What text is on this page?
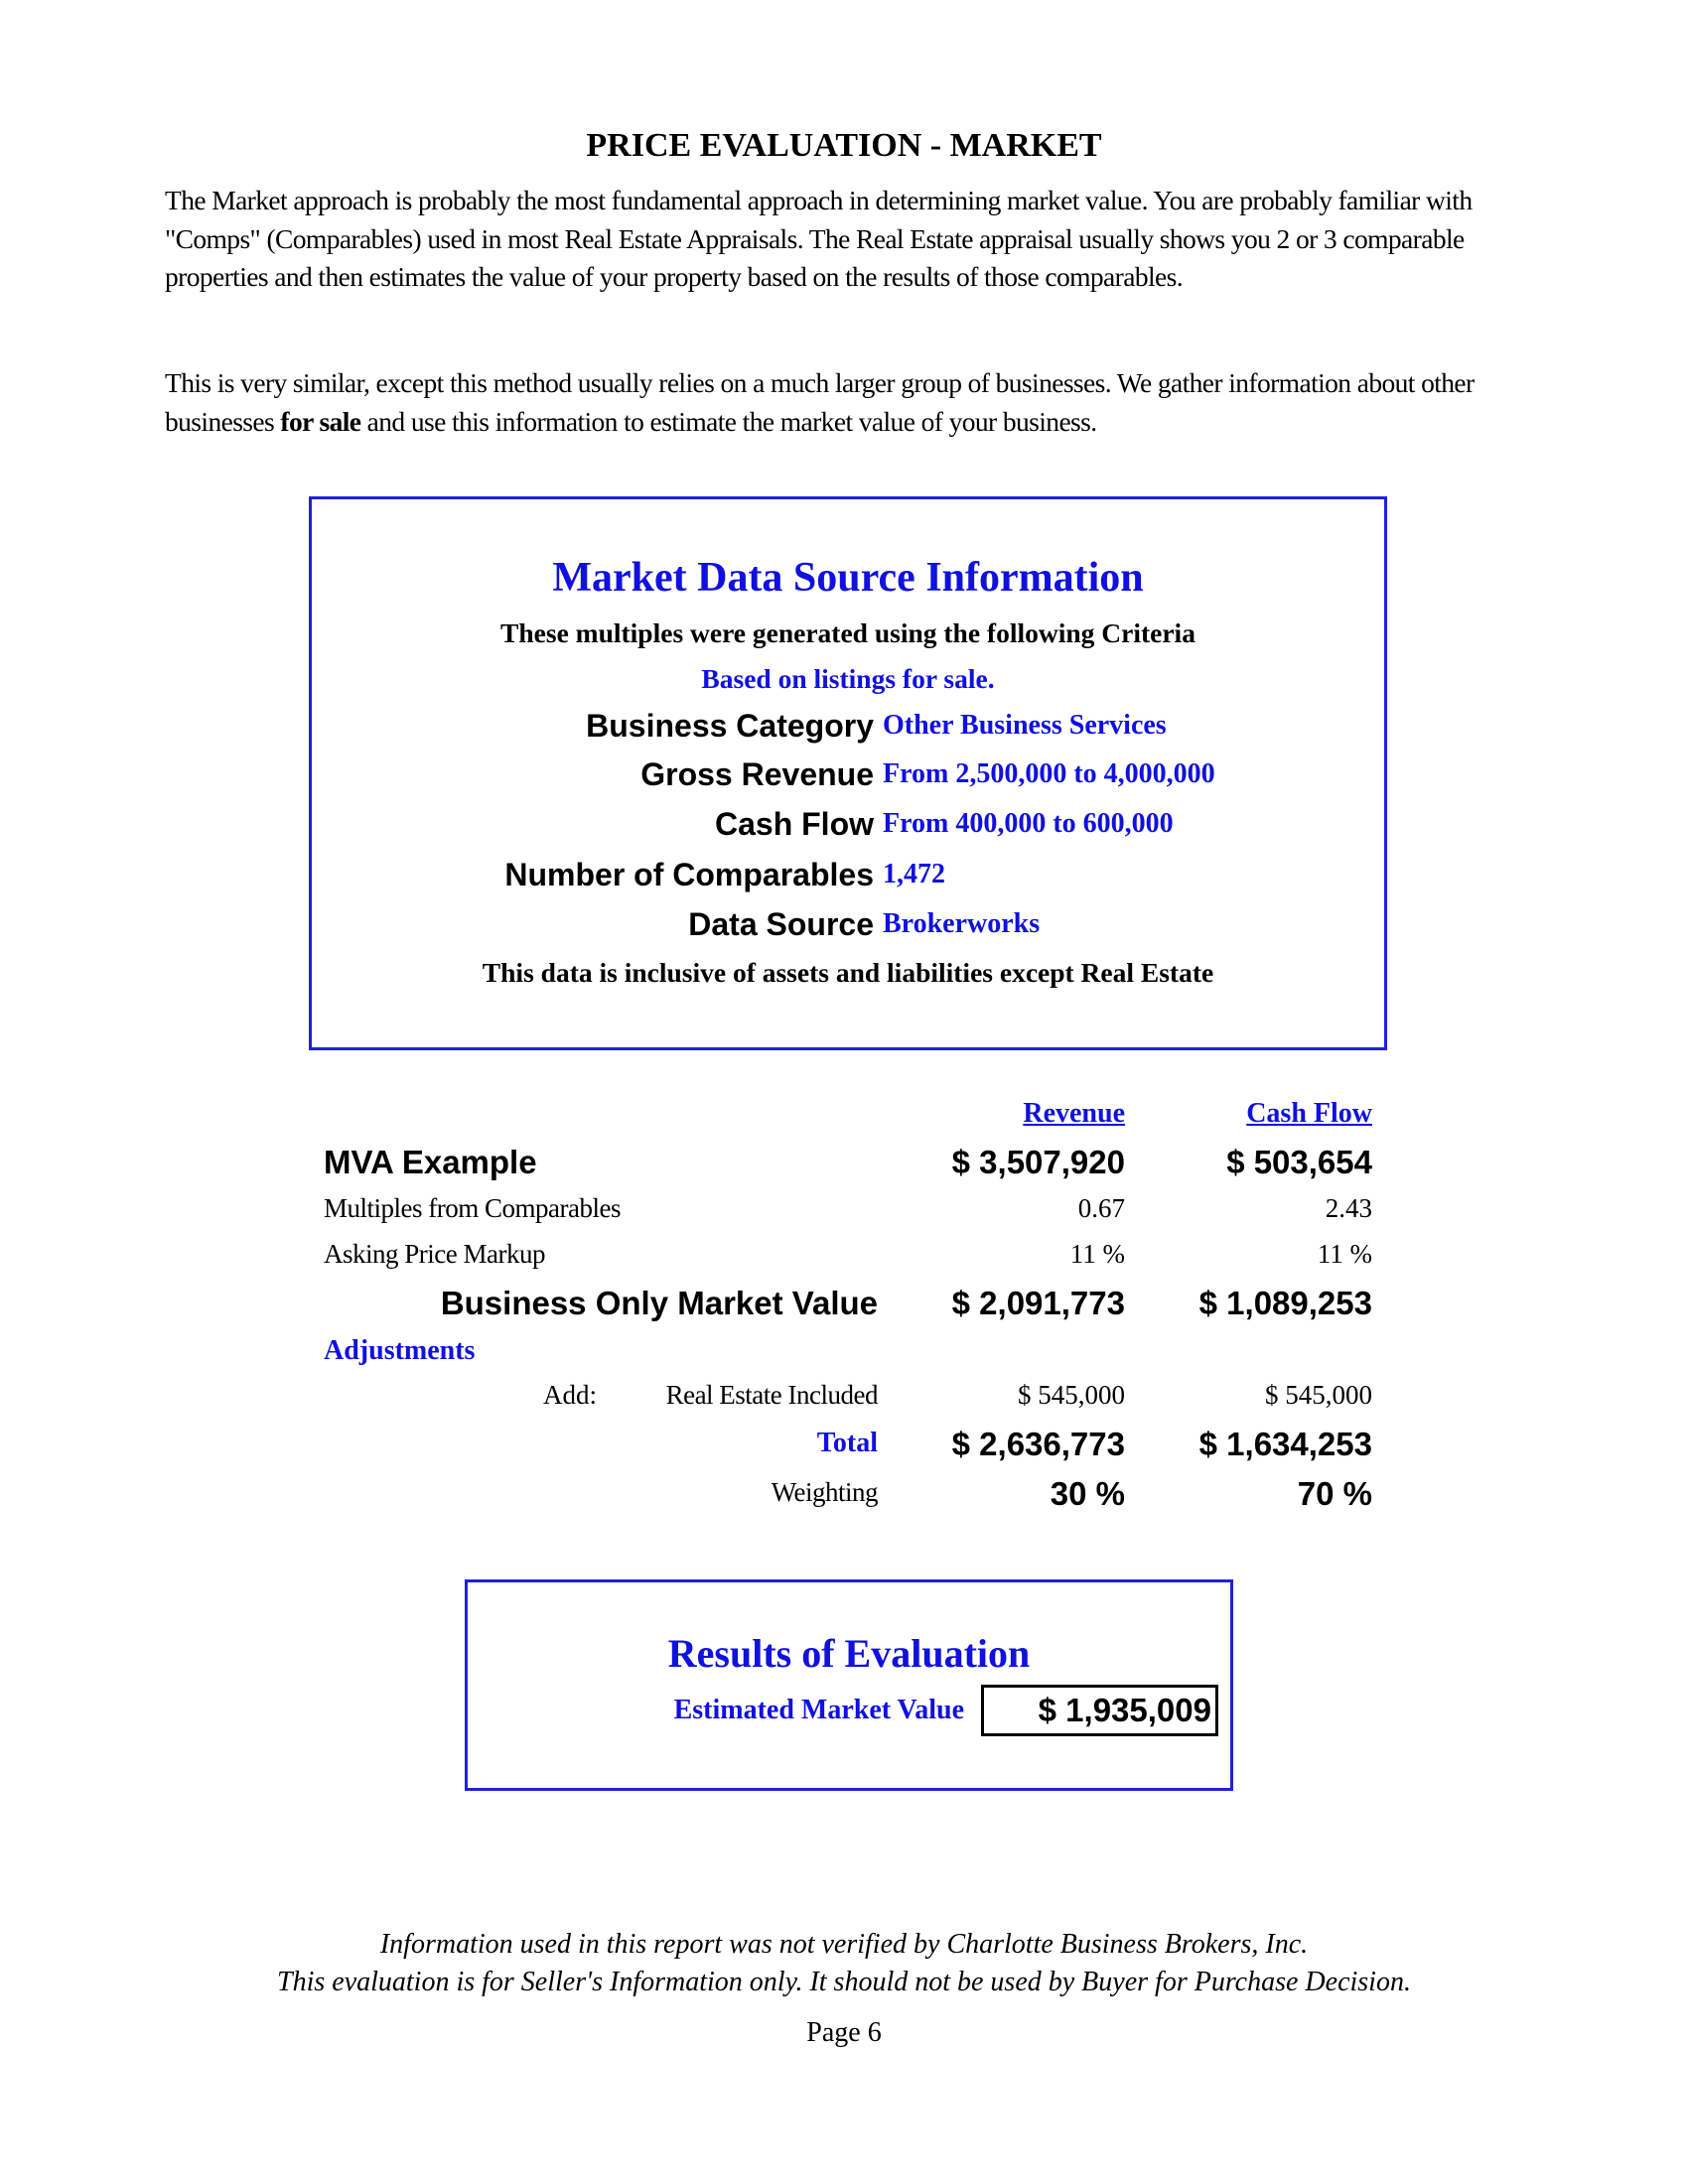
PRICE EVALUATION - MARKET
The Market approach is probably the most fundamental approach in determining market value. You are probably familiar with "Comps" (Comparables) used in most Real Estate Appraisals. The Real Estate appraisal usually shows you 2 or 3 comparable properties and then estimates the value of your property based on the results of those comparables.
This is very similar, except this method usually relies on a much larger group of businesses. We gather information about other businesses for sale and use this information to estimate the market value of your business.
Market Data Source Information
These multiples were generated using the following Criteria
Based on listings for sale.
Business Category Other Business Services
Gross Revenue From 2,500,000 to 4,000,000
Cash Flow From 400,000 to 600,000
Number of Comparables 1,472
Data Source Brokerworks
This data is inclusive of assets and liabilities except Real Estate
Revenue	Cash Flow
MVA Example	$ 3,507,920	$ 503,654
Multiples from Comparables	0.67	2.43
Asking Price Markup	11 %	11 %
Business Only Market Value $ 2,091,773 $ 1,089,253
Adjustments
Add:	Real Estate Included	$ 545,000	$ 545,000
Total $ 2,636,773 $ 1,634,253
Weighting	30 %	70 %
Results of Evaluation
Estimated Market Value	$ 1,935,009
Information used in this report was not verified by Charlotte Business Brokers, Inc.
This evaluation is for Seller's Information only. It should not be used by Buyer for Purchase Decision.
Page 6
